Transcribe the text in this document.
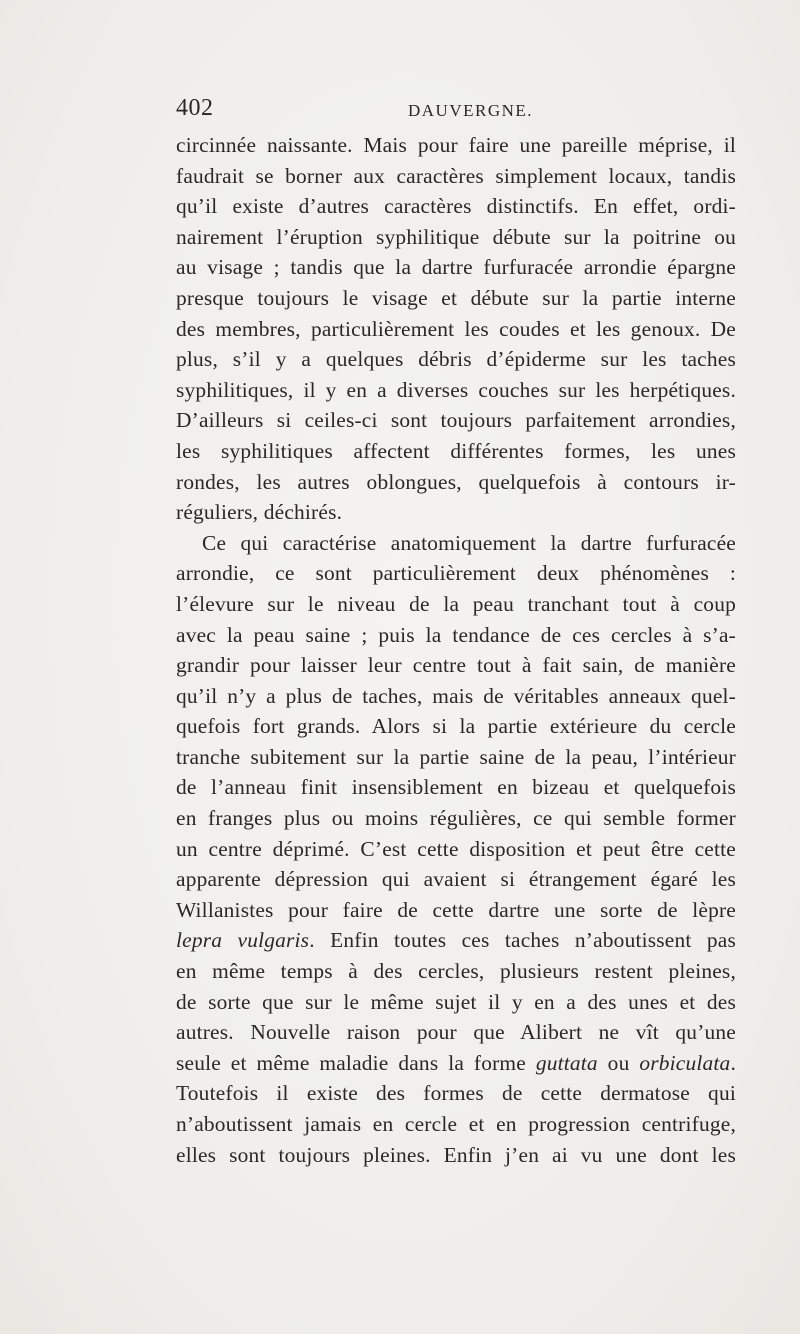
402	DAUVERGNE.
circinnée naissante. Mais pour faire une pareille méprise, il
faudrait se borner aux caractères simplement locaux, tandis
qu’il existe d’autres caractères distinctifs. En effet, ordi-
nairement l’éruption syphilitique débute sur la poitrine ou
au visage ; tandis que la dartre furfuracée arrondie épargne
presque toujours le visage et débute sur la partie interne
des membres, particulièrement les coudes et les genoux. De
plus, s’il y a quelques débris d’épiderme sur les taches
syphilitiques, il y en a diverses couches sur les herpétiques.
D’ailleurs si ceiles-ci sont toujours parfaitement arrondies,
les syphilitiques affectent différentes formes, les unes
rondes, les autres oblongues, quelquefois à contours ir-
réguliers, déchirés.
Ce qui caractérise anatomiquement la dartre furfuracée
arrondie, ce sont particulièrement deux phénomènes :
l’élevure sur le niveau de la peau tranchant tout à coup
avec la peau saine ; puis la tendance de ces cercles à s’a-
grandir pour laisser leur centre tout à fait sain, de manière
qu’il n’y a plus de taches, mais de véritables anneaux quel-
quefois fort grands. Alors si la partie extérieure du cercle
tranche subitement sur la partie saine de la peau, l’intérieur
de l’anneau finit insensiblement en bizeau et quelquefois
en franges plus ou moins régulières, ce qui semble former
un centre déprimé. C’est cette disposition et peut être cette
apparente dépression qui avaient si étrangement égaré les
Willanistes pour faire de cette dartre une sorte de lèpre
lepra vulgaris. Enfin toutes ces taches n’aboutissent pas
en même temps à des cercles, plusieurs restent pleines,
de sorte que sur le même sujet il y en a des unes et des
autres. Nouvelle raison pour que Alibert ne vît qu’une
seule et même maladie dans la forme guttata ou orbiculata.
Toutefois il existe des formes de cette dermatose qui
n’aboutissent jamais en cercle et en progression centrifuge,
elles sont toujours pleines. Enfin j’en ai vu une dont les
